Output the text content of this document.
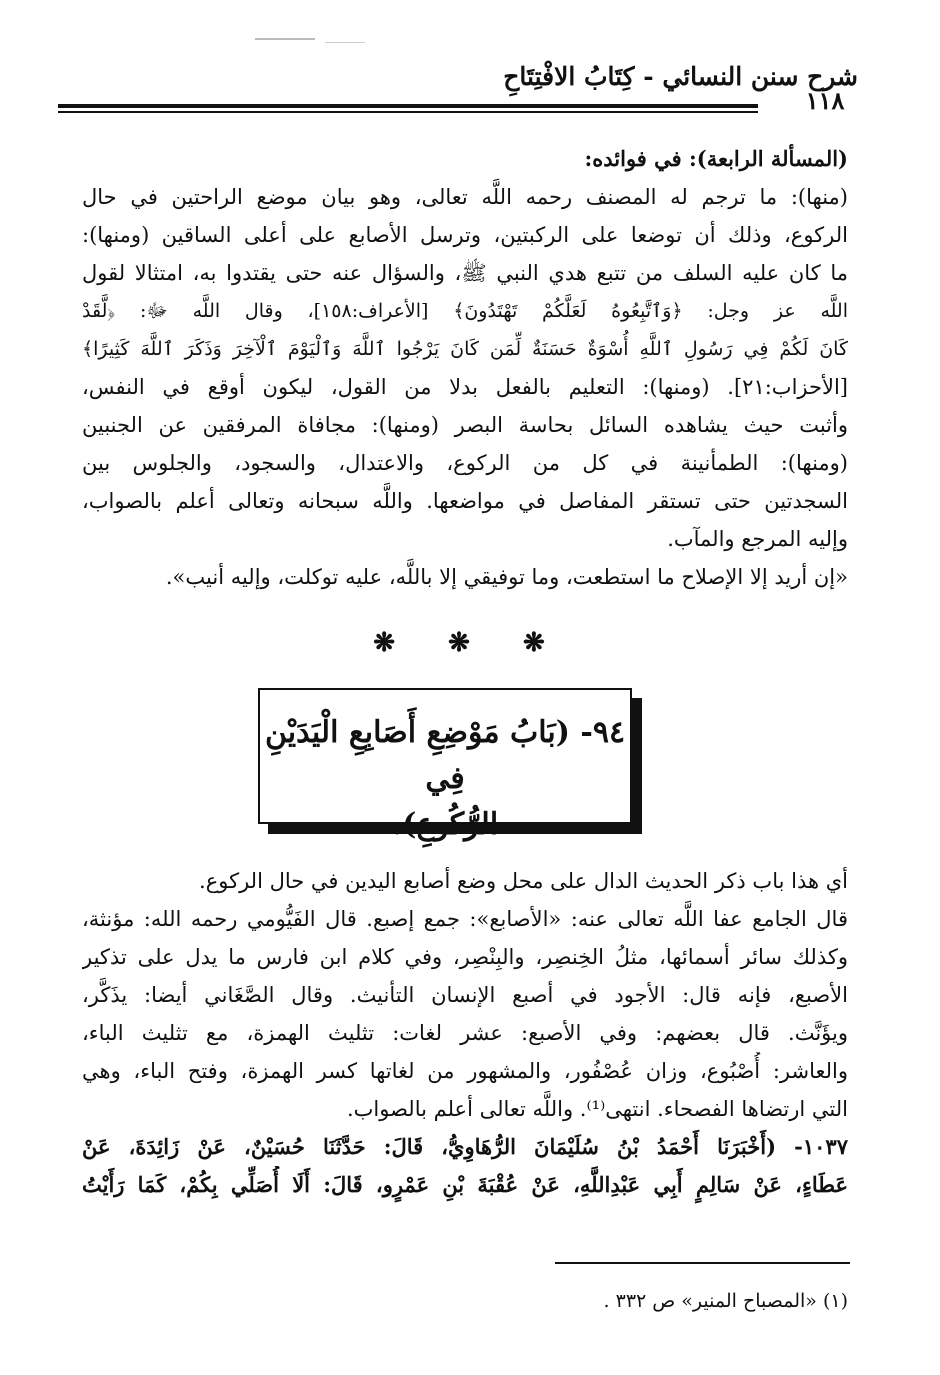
شرح سنن النسائي - كِتَابُ الافْتِتَاحِ
١١٨
(المسألة الرابعة): في فوائده:
(منها): ما ترجم له المصنف رحمه اللَّه تعالى، وهو بيان موضع الراحتين في حال
الركوع، وذلك أن توضعا على الركبتين، وترسل الأصابع على أعلى الساقين (ومنها):
ما كان عليه السلف من تتبع هدي النبي ﷺ، والسؤال عنه حتى يقتدوا به، امتثالا لقول
اللَّه عز وجل: ﴿وَٱتَّبِعُوهُ لَعَلَّكُمْ تَهْتَدُونَ﴾ [الأعراف:١٥٨]، وقال اللَّه ﷻ: ﴿لَّقَدْ
كَانَ لَكُمْ فِي رَسُولِ ٱللَّهِ أُسْوَةٌ حَسَنَةٌ لِّمَن كَانَ يَرْجُوا ٱللَّهَ وَٱلْيَوْمَ ٱلْآخِرَ وَذَكَرَ ٱللَّهَ كَثِيرًا﴾
[الأحزاب:٢١]. (ومنها): التعليم بالفعل بدلا من القول، ليكون أوقع في النفس،
وأثبت حيث يشاهده السائل بحاسة البصر (ومنها): مجافاة المرفقين عن الجنبين
(ومنها): الطمأنينة في كل من الركوع، والاعتدال، والسجود، والجلوس بين
السجدتين حتى تستقر المفاصل في مواضعها. واللَّه سبحانه وتعالى أعلم بالصواب،
وإليه المرجع والمآب.
«إن أريد إلا الإصلاح ما استطعت، وما توفيقي إلا باللَّه، عليه توكلت، وإليه أنيب».
❋ ❋ ❋
٩٤- (بَابُ مَوْضِعِ أَصَابِعِ الْيَدَيْنِ فِي
الرُّكُوعِ).
أي هذا باب ذكر الحديث الدال على محل وضع أصابع اليدين في حال الركوع.
قال الجامع عفا اللَّه تعالى عنه: «الأصابع»: جمع إصبع. قال الفَيُّومي رحمه الله: مؤنثة،
وكذلك سائر أسمائها، مثلُ الخِنصِر، والبِنْصِر، وفي كلام ابن فارس ما يدل على تذكير
الأصبع، فإنه قال: الأجود في أصبع الإنسان التأنيث. وقال الصَّغَاني أيضا: يذَكَّر،
ويؤَنَّث. قال بعضهم: وفي الأصبع: عشر لغات: تثليث الهمزة، مع تثليث الباء،
والعاشر: أُصْبُوع، وزان عُصْفُور، والمشهور من لغاتها كسر الهمزة، وفتح الباء، وهي
التي ارتضاها الفصحاء. انتهى⁽¹⁾. واللَّه تعالى أعلم بالصواب.
١٠٣٧- (أَخْبَرَنَا أَحْمَدُ بْنُ سُلَيْمَانَ الرُّهَاوِيُّ، قَالَ: حَدَّثَنَا حُسَيْنٌ، عَنْ زَائِدَةَ، عَنْ
عَطَاءٍ، عَنْ سَالِمٍ أَبِي عَبْدِاللَّهِ، عَنْ عُقْبَةَ بْنِ عَمْرٍو، قَالَ: أَلَا أُصَلِّي بِكُمْ، كَمَا رَأَيْتُ
(١) «المصباح المنير» ص ٣٣٢ .
